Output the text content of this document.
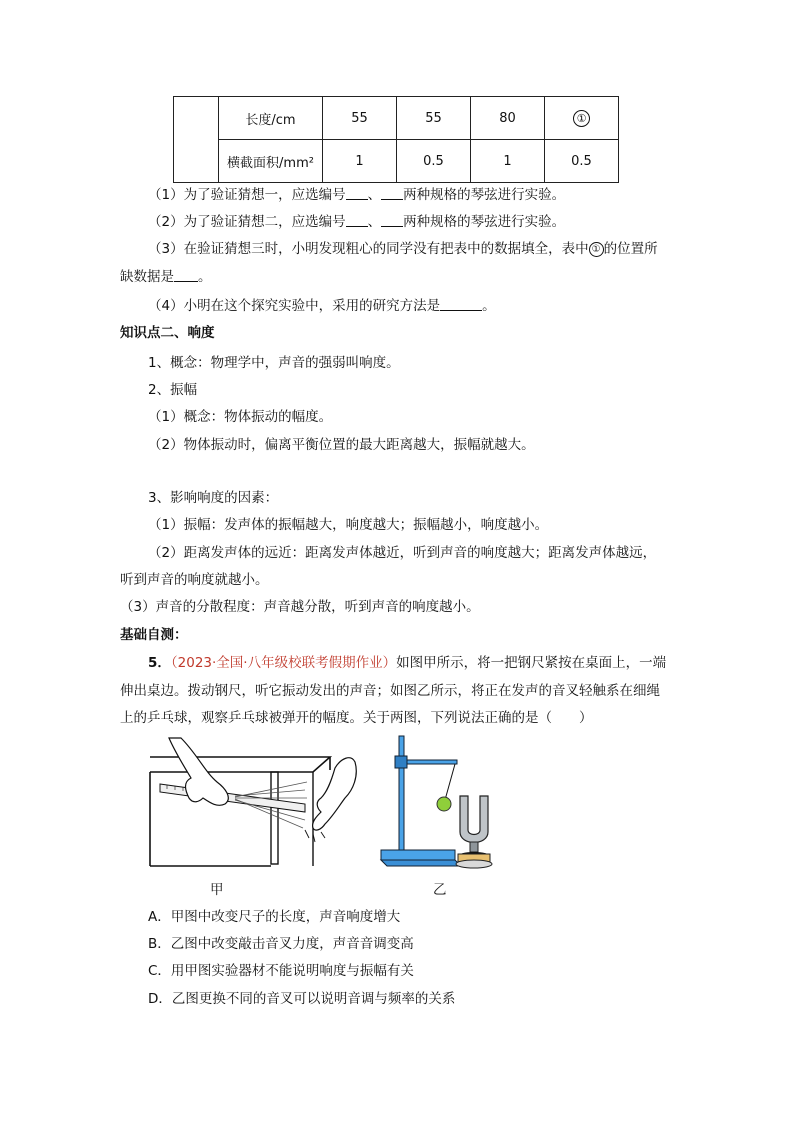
	长度/cm	55	55	80	①
	横截面积/mm²	1	0.5	1	0.5
（1）为了验证猜想一，应选编号 、 两种规格的琴弦进行实验。
（2）为了验证猜想二，应选编号 、 两种规格的琴弦进行实验。
（3）在验证猜想三时，小明发现粗心的同学没有把表中的数据填全，表中 ① 的位置所
缺数据是 。
（4）小明在这个探究实验中，采用的研究方法是	。
知识点二、响度
1、概念：物理学中，声音的强弱叫响度。
2、振幅
（1）概念：物体振动的幅度。
（2）物体振动时，偏离平衡位置的最大距离越大，振幅就越大。
3、影响响度的因素：
（1）振幅：发声体的振幅越大，响度越大；振幅越小，响度越小。
（2）距离发声体的远近：距离发声体越近，听到声音的响度越大；距离发声体越远，
听到声音的响度就越小。
（3）声音的分散程度：声音越分散，听到声音的响度越小。
基础自测：
5．（2023·全国·八年级校联考假期作业）如图甲所示，将一把钢尺紧按在桌面上，一端
伸出桌边。拨动钢尺，听它振动发出的声音；如图乙所示，将正在发声的音叉轻触系在细绳
上的乒乓球，观察乒乓球被弹开的幅度。关于两图，下列说法正确的是（　　）
甲	乙
A．甲图中改变尺子的长度，声音响度增大
B．乙图中改变敲击音叉力度，声音音调变高
C．用甲图实验器材不能说明响度与振幅有关
D．乙图更换不同的音叉可以说明音调与频率的关系
